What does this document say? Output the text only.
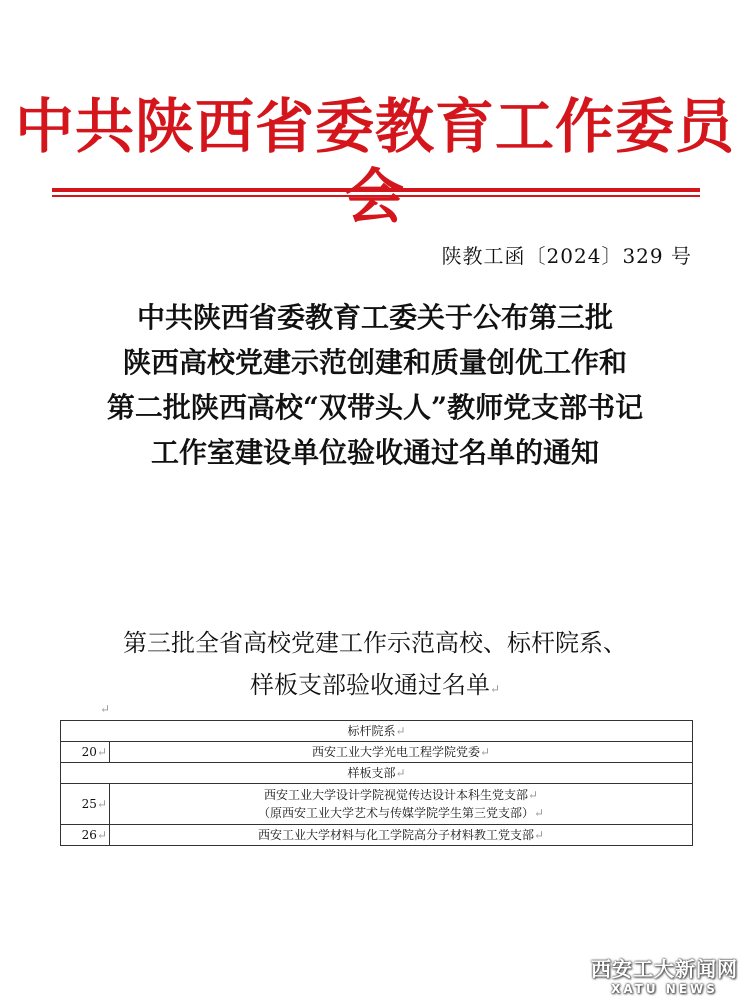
中共陕西省委教育工作委员
陕教工函〔2024〕329 号
中共陕西省委教育工委关于公布第三批
陕西高校党建示范创建和质量创优工作和
第二批陕西高校“双带头人”教师党支部书记
工作室建设单位验收通过名单的通知
第三批全省高校党建工作示范高校、标杆院系、
样板支部验收通过名单↵
↵
标杆院系↵	
20↵	西安工业大学光电工程学院党委↵
样板支部↵	
25↵	西安工业大学设计学院视觉传达设计本科生党支部↵
（原西安工业大学艺术与传媒学院学生第三党支部）↵

26↵	西安工业大学材料与化工学院高分子材料教工党支部↵
西安工大新闻网
XATU NEWS
